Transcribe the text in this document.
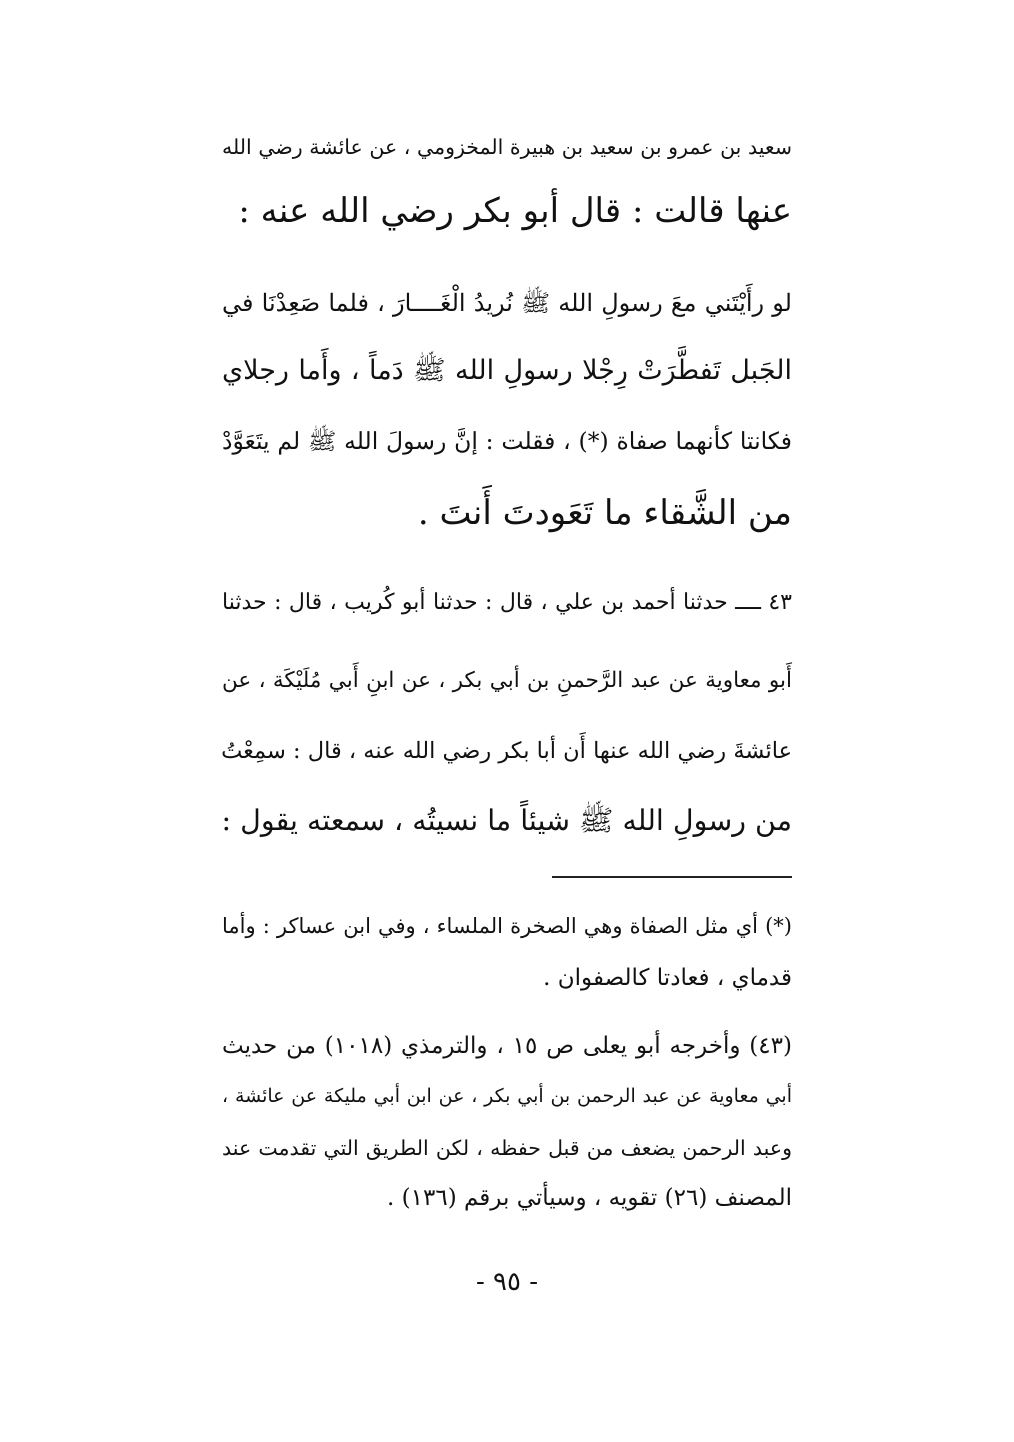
سعيد بن عمرو بن سعيد بن هبيرة المخزومي ، عن عائشة رضي الله
عنها قالت : قال أبو بكر رضي الله عنه :
لو رأَيْتَني معَ رسولِ الله ﷺ نُريدُ الْغَــــارَ ، فلما صَعِدْنَا في
الجَبل تَفطَّرَتْ رِجْلا رسولِ الله ﷺ دَماً ، وأَما رجلاي
فكانتا كأنهما صفاة (*) ، فقلت : إنَّ رسولَ الله ﷺ لم يتَعَوَّدْ
من الشَّقاء ما تَعَودتَ أَنتَ .
٤٣ ــــ حدثنا أحمد بن علي ، قال : حدثنا أبو كُريب ، قال : حدثنا
أَبو معاوية عن عبد الرَّحمنِ بن أبي بكر ، عن ابنِ أَبي مُلَيْكَة ، عن
عائشةَ رضي الله عنها أَن أبا بكر رضي الله عنه ، قال : سمِعْتُ
من رسولِ الله ﷺ شيئاً ما نسيتُه ، سمعته يقول :
(*) أي مثل الصفاة وهي الصخرة الملساء ، وفي ابن عساكر : وأما
قدماي ، فعادتا كالصفوان .
(٤٣) وأخرجه أبو يعلى ص ١٥ ، والترمذي (١٠١٨) من حديث
أبي معاوية عن عبد الرحمن بن أبي بكر ، عن ابن أبي مليكة عن عائشة ،
وعبد الرحمن يضعف من قبل حفظه ، لكن الطريق التي تقدمت عند
المصنف (٢٦) تقويه ، وسيأتي برقم (١٣٦) .
- ٩٥ -
